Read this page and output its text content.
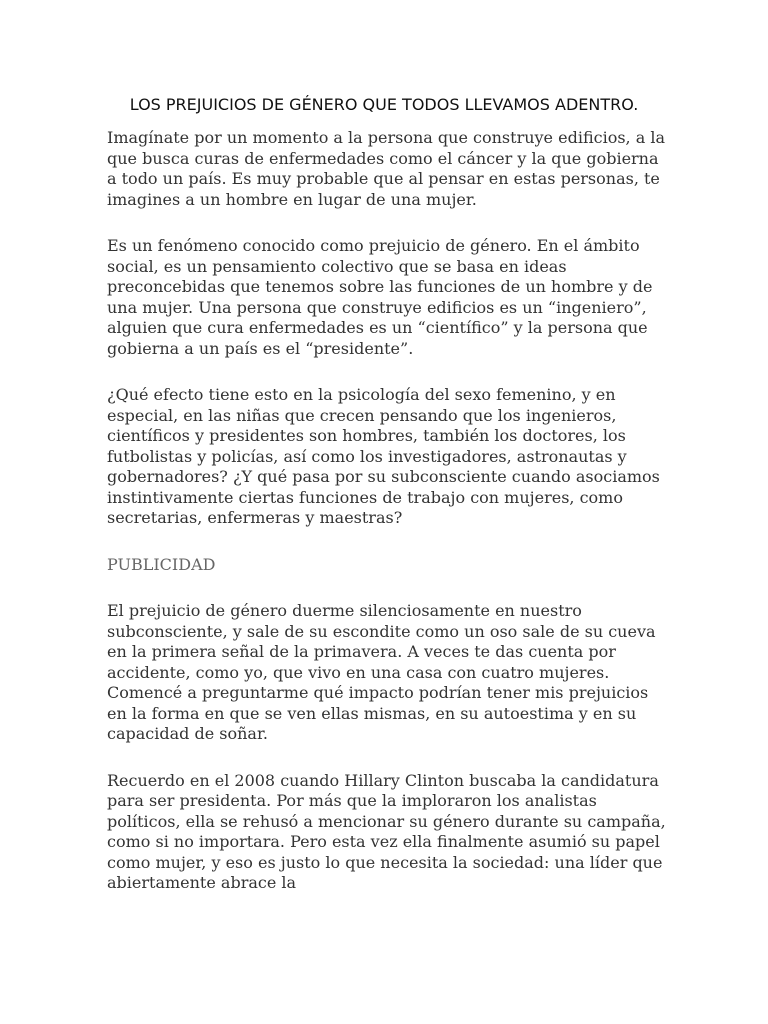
LOS PREJUICIOS DE GÉNERO QUE TODOS LLEVAMOS ADENTRO.

Imagínate por un momento a la persona que construye edificios, a la que busca curas de enfermedades como el cáncer y la que gobierna a todo un país. Es muy probable que al pensar en estas personas, te imagines a un hombre en lugar de una mujer.

Es un fenómeno conocido como prejuicio de género. En el ámbito social, es un pensamiento colectivo que se basa en ideas preconcebidas que tenemos sobre las funciones de un hombre y de una mujer. Una persona que construye edificios es un “ingeniero”, alguien que cura enfermedades es un “científico” y la persona que gobierna a un país es el “presidente”.

¿Qué efecto tiene esto en la psicología del sexo femenino, y en especial, en las niñas que crecen pensando que los ingenieros, científicos y presidentes son hombres, también los doctores, los futbolistas y policías, así como los investigadores, astronautas y gobernadores? ¿Y qué pasa por su subconsciente cuando asociamos instintivamente ciertas funciones de trabajo con mujeres, como secretarias, enfermeras y maestras?

PUBLICIDAD

El prejuicio de género duerme silenciosamente en nuestro subconsciente, y sale de su escondite como un oso sale de su cueva en la primera señal de la primavera. A veces te das cuenta por accidente, como yo, que vivo en una casa con cuatro mujeres. Comencé a preguntarme qué impacto podrían tener mis prejuicios en la forma en que se ven ellas mismas, en su autoestima y en su capacidad de soñar.

Recuerdo en el 2008 cuando Hillary Clinton buscaba la candidatura para ser presidenta. Por más que la imploraron los analistas políticos, ella se rehusó a mencionar su género durante su campaña, como si no importara. Pero esta vez ella finalmente asumió su papel como mujer, y eso es justo lo que necesita la sociedad: una líder que abiertamente abrace la
